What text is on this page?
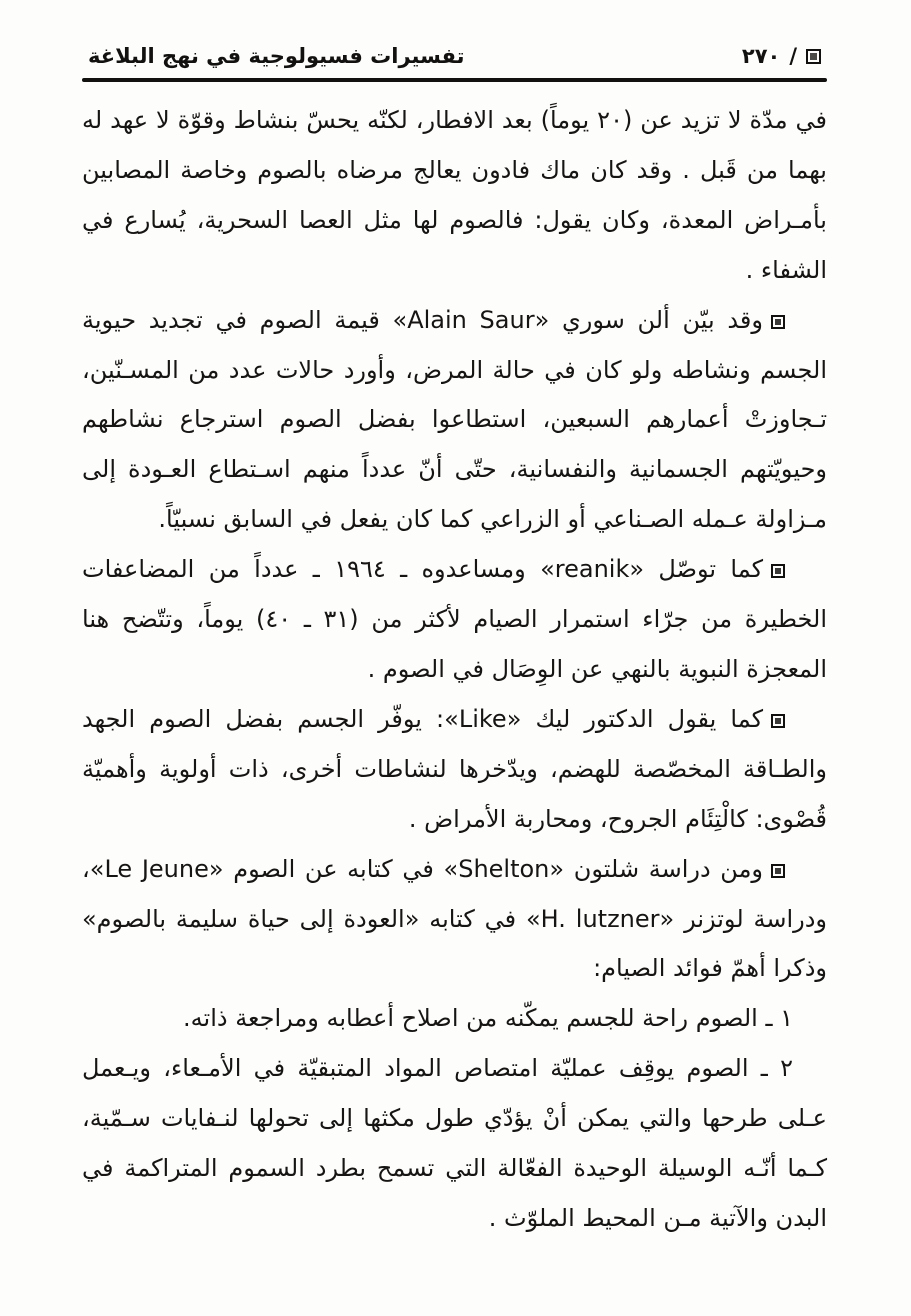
تفسيرات فسيولوجية في نهج البلاغة	٢٧٠ /

في مدّة لا تزيد عن (٢٠ يوماً) بعد الافطار، لكنّه يحسّ بنشاط وقوّة لا عهد له بهما من قَبل . وقد كان ماك فادون يعالج مرضاه بالصوم وخاصة المصابين بأمـراض المعدة، وكان يقول: فالصوم لها مثل العصا السحرية، يُسارع في الشفاء .

وقد بيّن ألن سوري «Alain Saur» قيمة الصوم في تجديد حيوية الجسم ونشاطه ولو كان في حالة المرض، وأورد حالات عدد من المسـنّين، تـجاوزتْ أعمارهم السبعين، استطاعوا بفضل الصوم استرجاع نشاطهم وحيويّتهم الجسمانية والنفسانية، حتّى أنّ عدداً منهم اسـتطاع العـودة إلى مـزاولة عـمله الصـناعي أو الزراعي كما كان يفعل في السابق نسبيّاً.

كما توصّل «reanik» ومساعدوه ـ ١٩٦٤ ـ عدداً من المضاعفات الخطيرة من جرّاء استمرار الصيام لأكثر من (٣١ ـ ٤٠) يوماً، وتتّضح هنا المعجزة النبوية بالنهي عن الوِصَال في الصوم .

كما يقول الدكتور ليك «Like»: يوفّر الجسم بفضل الصوم الجهد والطـاقة المخصّصة للهضم، ويدّخرها لنشاطات أخرى، ذات أولوية وأهميّة قُصْوى: كالْتِئَام الجروح، ومحاربة الأمراض .

ومن دراسة شلتون «Shelton» في كتابه عن الصوم «Le Jeune»، ودراسة لوتزنر «H. lutzner» في كتابه «العودة إلى حياة سليمة بالصوم» وذكرا أهمّ فوائد الصيام:

١ ـ الصوم راحة للجسم يمكّنه من اصلاح أعطابه ومراجعة ذاته.

٢ ـ الصوم يوقِف عمليّة امتصاص المواد المتبقيّة في الأمـعاء، ويـعمل عـلى طرحها والتي يمكن أنْ يؤدّي طول مكثها إلى تحولها لنـفايات سـمّية، كـما أنّـه الوسيلة الوحيدة الفعّالة التي تسمح بطرد السموم المتراكمة في البدن والآتية مـن المحيط الملوّث .
